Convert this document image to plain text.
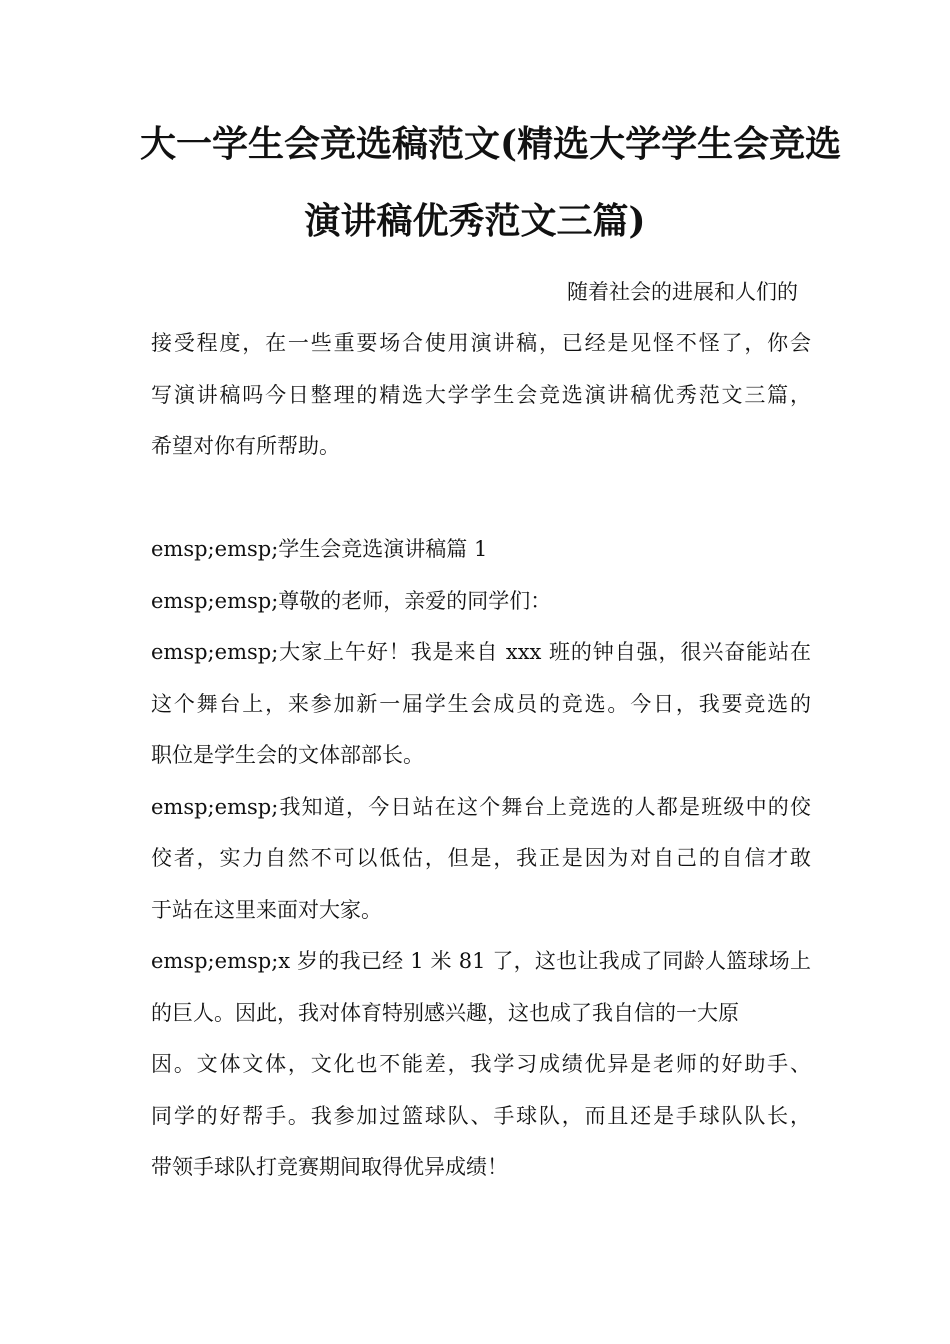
大一学生会竞选稿范文(精选大学学生会竞选
演讲稿优秀范文三篇)

随着社会的进展和人们的

接受程度，在一些重要场合使用演讲稿，已经是见怪不怪了，你会

写演讲稿吗今日整理的精选大学学生会竞选演讲稿优秀范文三篇，

希望对你有所帮助。

emsp;emsp;学生会竞选演讲稿篇 1

emsp;emsp;尊敬的老师，亲爱的同学们：

emsp;emsp;大家上午好！我是来自 xxx 班的钟自强，很兴奋能站在

这个舞台上，来参加新一届学生会成员的竞选。今日，我要竞选的

职位是学生会的文体部部长。

emsp;emsp;我知道，今日站在这个舞台上竞选的人都是班级中的佼

佼者，实力自然不可以低估，但是，我正是因为对自己的自信才敢

于站在这里来面对大家。

emsp;emsp;x 岁的我已经 1 米 81 了，这也让我成了同龄人篮球场上

的巨人。因此，我对体育特别感兴趣，这也成了我自信的一大原

因。文体文体，文化也不能差，我学习成绩优异是老师的好助手、

同学的好帮手。我参加过篮球队、手球队，而且还是手球队队长，

带领手球队打竞赛期间取得优异成绩！
